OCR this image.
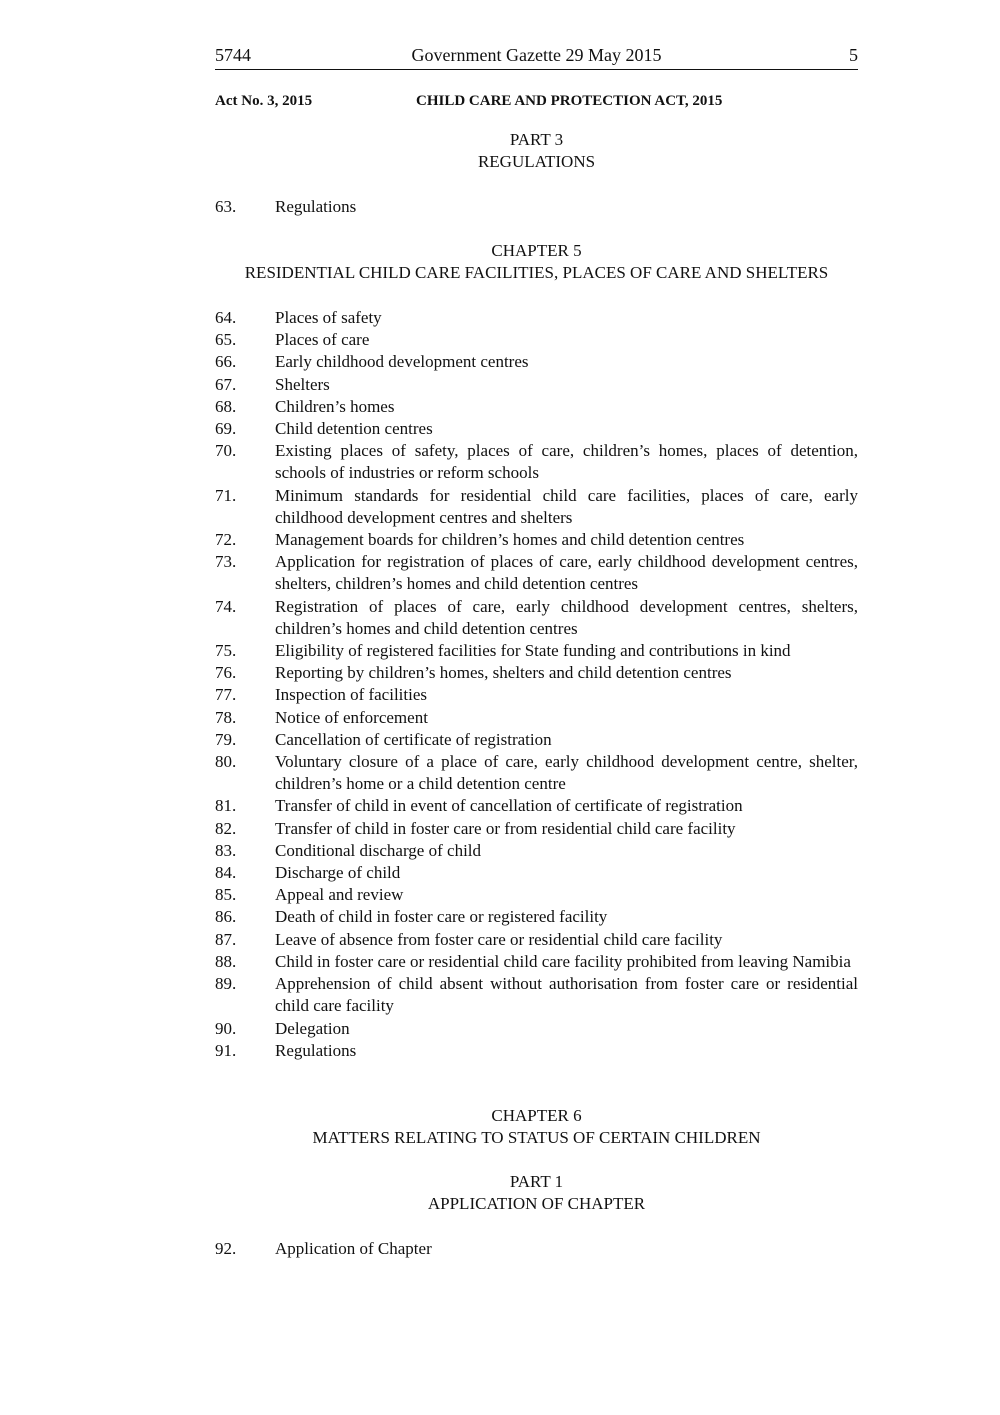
5744	Government Gazette 29 May 2015	5
Act No. 3, 2015	CHILD CARE AND PROTECTION ACT, 2015
PART 3
REGULATIONS
63. Regulations
CHAPTER 5
RESIDENTIAL CHILD CARE FACILITIES, PLACES OF CARE AND SHELTERS
64. Places of safety
65. Places of care
66. Early childhood development centres
67. Shelters
68. Children’s homes
69. Child detention centres
70. Existing places of safety, places of care, children’s homes, places of detention, schools of industries or reform schools
71. Minimum standards for residential child care facilities, places of care, early childhood development centres and shelters
72. Management boards for children’s homes and child detention centres
73. Application for registration of places of care, early childhood development centres, shelters, children’s homes and child detention centres
74. Registration of places of care, early childhood development centres, shelters, children’s homes and child detention centres
75. Eligibility of registered facilities for State funding and contributions in kind
76. Reporting by children’s homes, shelters and child detention centres
77. Inspection of facilities
78. Notice of enforcement
79. Cancellation of certificate of registration
80. Voluntary closure of a place of care, early childhood development centre, shelter, children’s home or a child detention centre
81. Transfer of child in event of cancellation of certificate of registration
82. Transfer of child in foster care or from residential child care facility
83. Conditional discharge of child
84. Discharge of child
85. Appeal and review
86. Death of child in foster care or registered facility
87. Leave of absence from foster care or residential child care facility
88. Child in foster care or residential child care facility prohibited from leaving Namibia
89. Apprehension of child absent without authorisation from foster care or residential child care facility
90. Delegation
91. Regulations
CHAPTER 6
MATTERS RELATING TO STATUS OF CERTAIN CHILDREN
PART 1
APPLICATION OF CHAPTER
92. Application of Chapter
